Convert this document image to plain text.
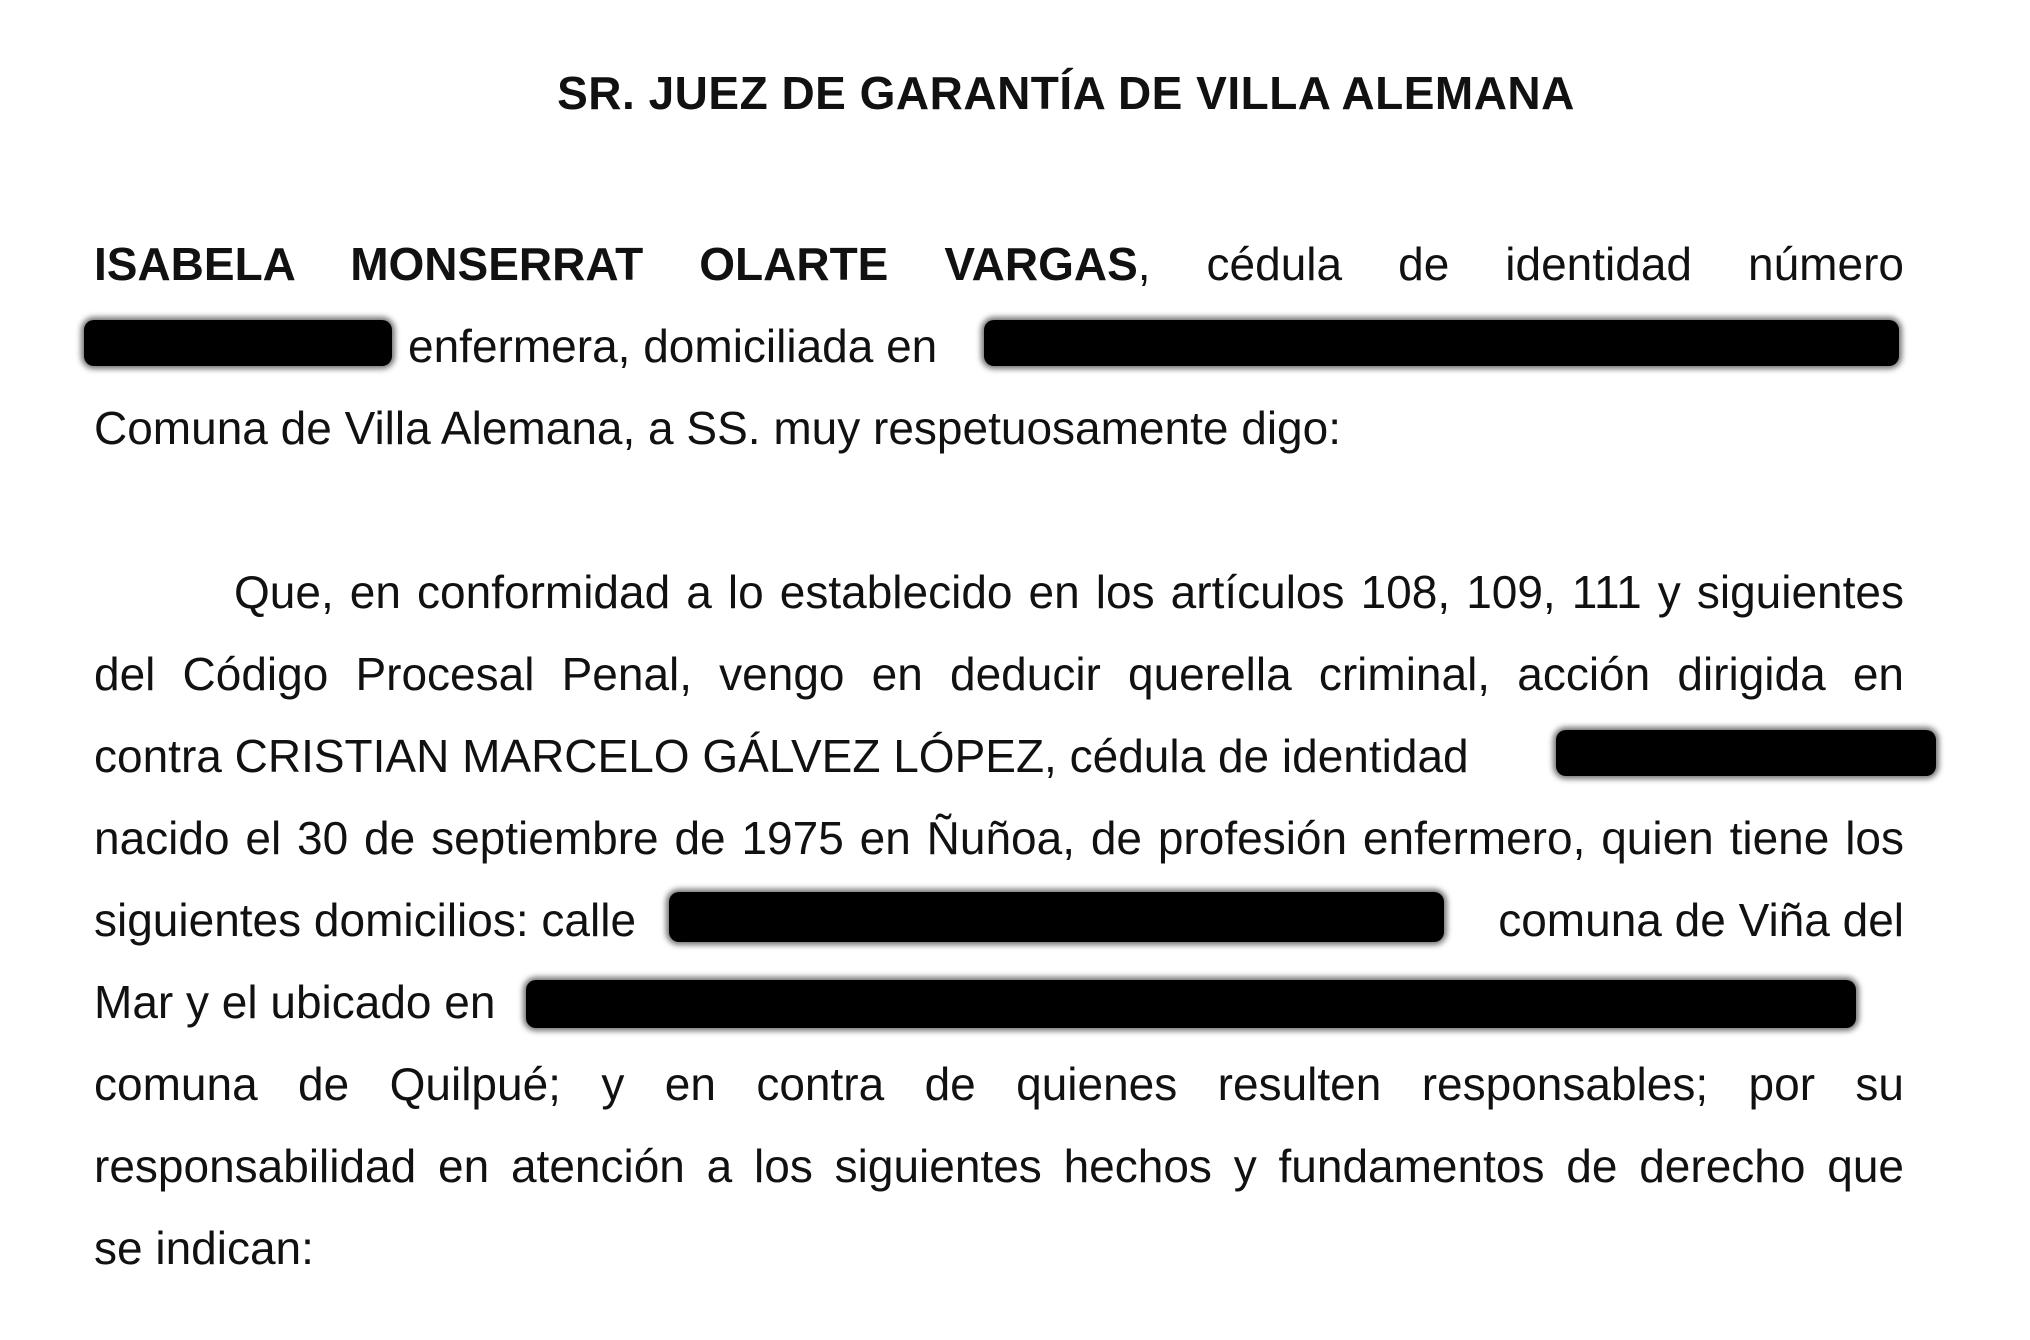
SR. JUEZ DE GARANTÍA DE VILLA ALEMANA
ISABELA MONSERRAT OLARTE VARGAS, cédula de identidad número
enfermera, domiciliada en
Comuna de Villa Alemana, a SS. muy respetuosamente digo:
Que, en conformidad a lo establecido en los artículos 108, 109, 111 y siguientes
del Código Procesal Penal, vengo en deducir querella criminal, acción dirigida en
contra CRISTIAN MARCELO GÁLVEZ LÓPEZ, cédula de identidad
nacido el 30 de septiembre de 1975 en Ñuñoa, de profesión enfermero, quien tiene los
siguientes domicilios: calle	comuna de Viña del
Mar y el ubicado en
comuna de Quilpué; y en contra de quienes resulten responsables; por su
responsabilidad en atención a los siguientes hechos y fundamentos de derecho que
se indican:
